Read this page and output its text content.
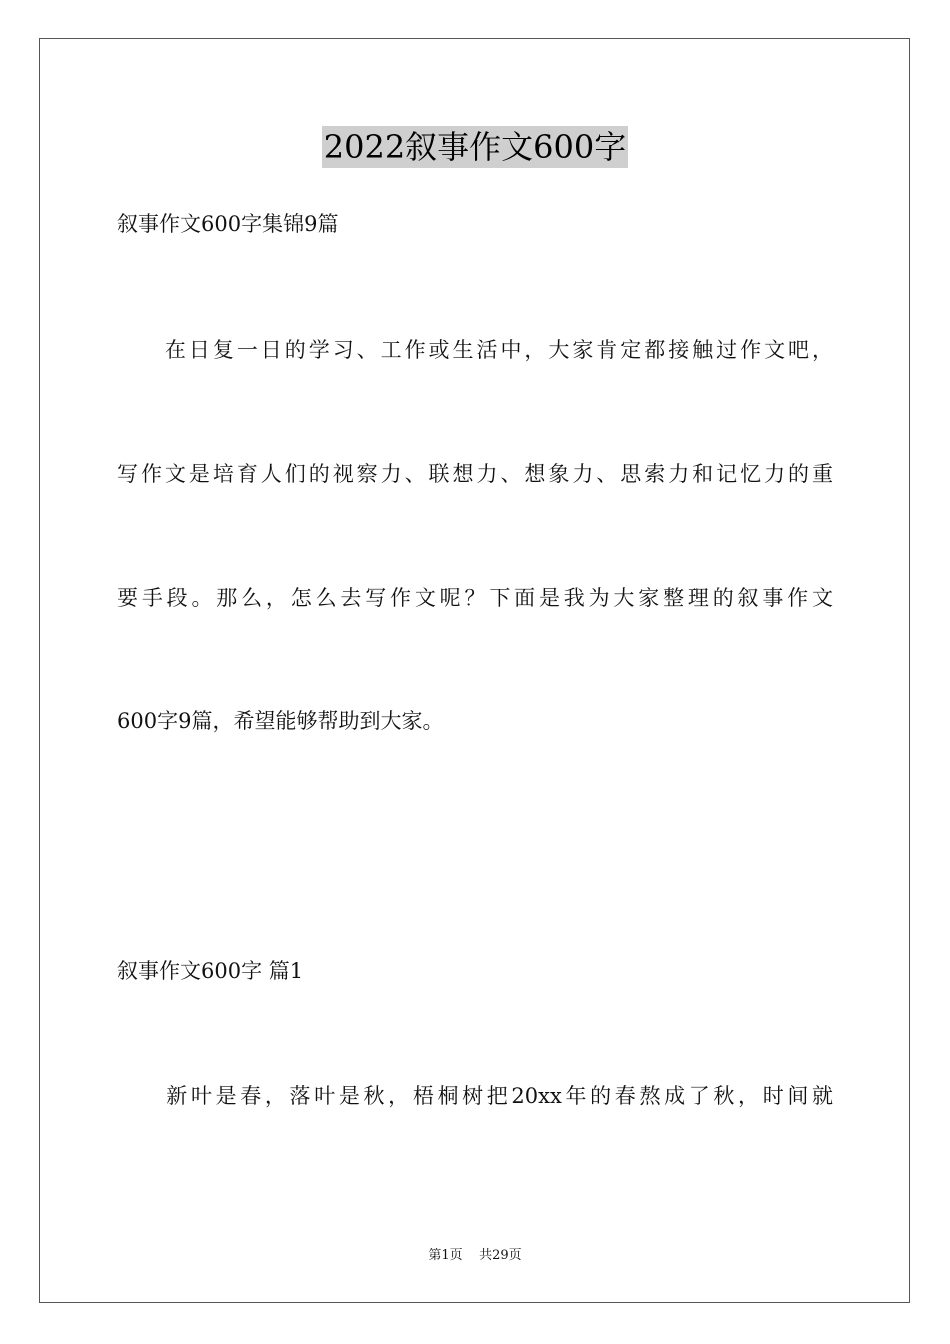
2022叙事作文600字
叙事作文600字集锦9篇
　　在日复一日的学习、工作或生活中，大家肯定都接触过作文吧，
写作文是培育人们的视察力、联想力、想象力、思索力和记忆力的重
要手段。那么，怎么去写作文呢？下面是我为大家整理的叙事作文
600字9篇，希望能够帮助到大家。
叙事作文600字 篇1
　　新叶是春，落叶是秋，梧桐树把20xx年的春熬成了秋，时间就
第1页    共29页
